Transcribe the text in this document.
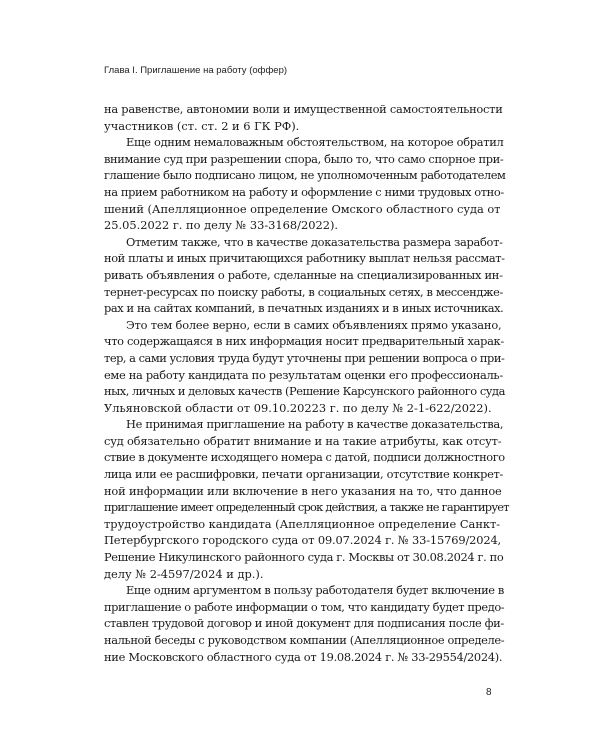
Глава I. Приглашение на работу (оффер)

на равенстве, автономии воли и имущественной самостоятельности
участников (ст. ст. 2 и 6 ГК РФ).

Еще одним немаловажным обстоятельством, на которое обратил
внимание суд при разрешении спора, было то, что само спорное при-
глашение было подписано лицом, не уполномоченным работодателем
на прием работником на работу и оформление с ними трудовых отно-
шений (Апелляционное определение Омского областного суда от
25.05.2022 г. по делу № 33-3168/2022).

Отметим также, что в качестве доказательства размера заработ-
ной платы и иных причитающихся работнику выплат нельзя рассмат-
ривать объявления о работе, сделанные на специализированных ин-
тернет-ресурсах по поиску работы, в социальных сетях, в мессендже-
рах и на сайтах компаний, в печатных изданиях и в иных источниках.

Это тем более верно, если в самих объявлениях прямо указано,
что содержащаяся в них информация носит предварительный харак-
тер, а сами условия труда будут уточнены при решении вопроса о при-
еме на работу кандидата по результатам оценки его профессиональ-
ных, личных и деловых качеств (Решение Карсунского районного суда
Ульяновской области от 09.10.20223 г. по делу № 2-1-622/2022).

Не принимая приглашение на работу в качестве доказательства,
суд обязательно обратит внимание и на такие атрибуты, как отсут-
ствие в документе исходящего номера с датой, подписи должностного
лица или ее расшифровки, печати организации, отсутствие конкрет-
ной информации или включение в него указания на то, что данное
приглашение имеет определенный срок действия, а также не гарантирует
трудоустройство кандидата (Апелляционное определение Санкт-
Петербургского городского суда от 09.07.2024 г. № 33-15769/2024,
Решение Никулинского районного суда г. Москвы от 30.08.2024 г. по
делу № 2-4597/2024 и др.).

Еще одним аргументом в пользу работодателя будет включение в
приглашение о работе информации о том, что кандидату будет предо-
ставлен трудовой договор и иной документ для подписания после фи-
нальной беседы с руководством компании (Апелляционное определе-
ние Московского областного суда от 19.08.2024 г. № 33-29554/2024).

8
